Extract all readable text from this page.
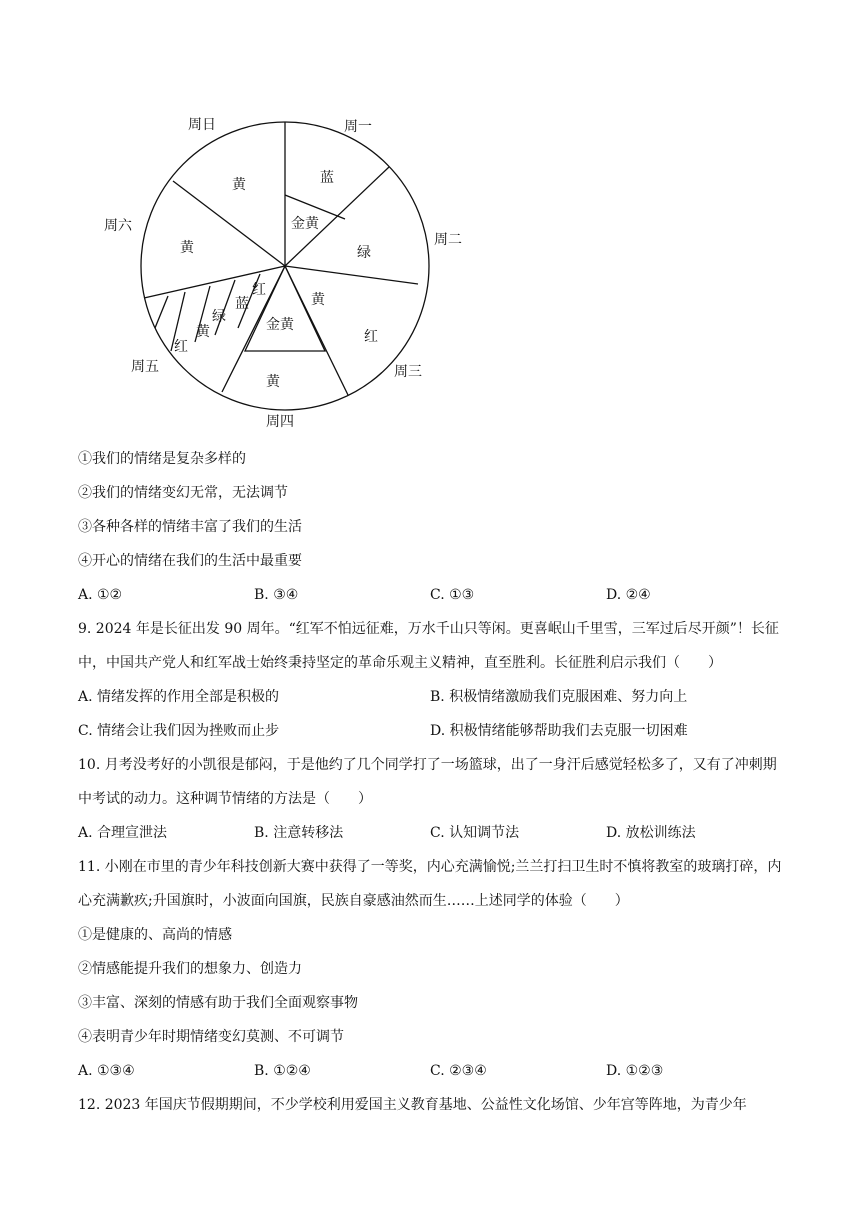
周日	周一
周二
周三
周四
周五
周六
黄	蓝
金黄
绿
黄
红
金黄
黄
黄
红
蓝
绿
黄
红
①我们的情绪是复杂多样的
②我们的情绪变幻无常，无法调节
③各种各样的情绪丰富了我们的生活
④开心的情绪在我们的生活中最重要
A. ①②	B. ③④	C. ①③	D. ②④
9. 2024 年是长征出发 90 周年。“红军不怕远征难，万水千山只等闲。更喜岷山千里雪，三军过后尽开颜”！长征中，中国共产党人和红军战士始终秉持坚定的革命乐观主义精神，直至胜利。长征胜利启示我们（　　）
A. 情绪发挥的作用全部是积极的	B. 积极情绪激励我们克服困难、努力向上
C. 情绪会让我们因为挫败而止步	D. 积极情绪能够帮助我们去克服一切困难
10. 月考没考好的小凯很是郁闷，于是他约了几个同学打了一场篮球，出了一身汗后感觉轻松多了，又有了冲刺期中考试的动力。这种调节情绪的方法是（　　）
A. 合理宣泄法	B. 注意转移法	C. 认知调节法	D. 放松训练法
11. 小刚在市里的青少年科技创新大赛中获得了一等奖，内心充满愉悦;兰兰打扫卫生时不慎将教室的玻璃打碎，内心充满歉疚;升国旗时，小波面向国旗，民族自豪感油然而生……上述同学的体验（　　）
①是健康的、高尚的情感
②情感能提升我们的想象力、创造力
③丰富、深刻的情感有助于我们全面观察事物
④表明青少年时期情绪变幻莫测、不可调节
A. ①③④	B. ①②④	C. ②③④	D. ①②③
12. 2023 年国庆节假期期间，不少学校利用爱国主义教育基地、公益性文化场馆、少年宫等阵地，为青少年
